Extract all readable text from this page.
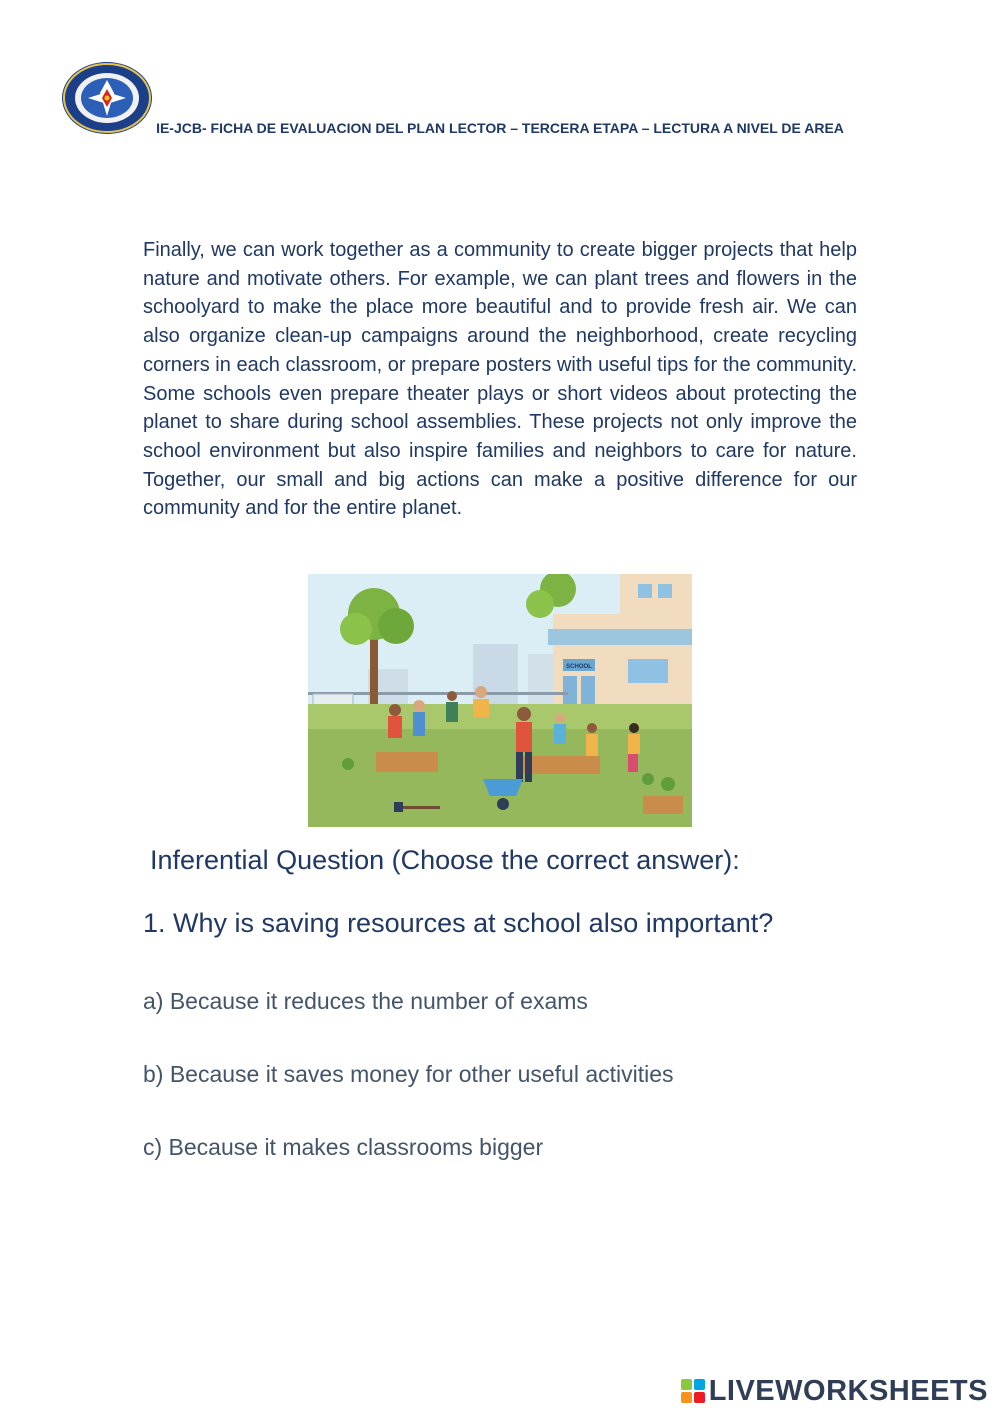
IE-JCB- FICHA DE EVALUACION DEL PLAN LECTOR – TERCERA ETAPA – LECTURA A NIVEL DE AREA

Finally, we can work together as a community to create bigger projects that help nature and motivate others. For example, we can plant trees and flowers in the schoolyard to make the place more beautiful and to provide fresh air. We can also organize clean-up campaigns around the neighborhood, create recycling corners in each classroom, or prepare posters with useful tips for the community. Some schools even prepare theater plays or short videos about protecting the planet to share during school assemblies. These projects not only improve the school environment but also inspire families and neighbors to care for nature. Together, our small and big actions can make a positive difference for our community and for the entire planet.

SCHOOL
Inferential Question (Choose the correct answer):
1. Why is saving resources at school also important?

a) Because it reduces the number of exams

b) Because it saves money for other useful activities

c) Because it makes classrooms bigger

LIVEWORKSHEETS
